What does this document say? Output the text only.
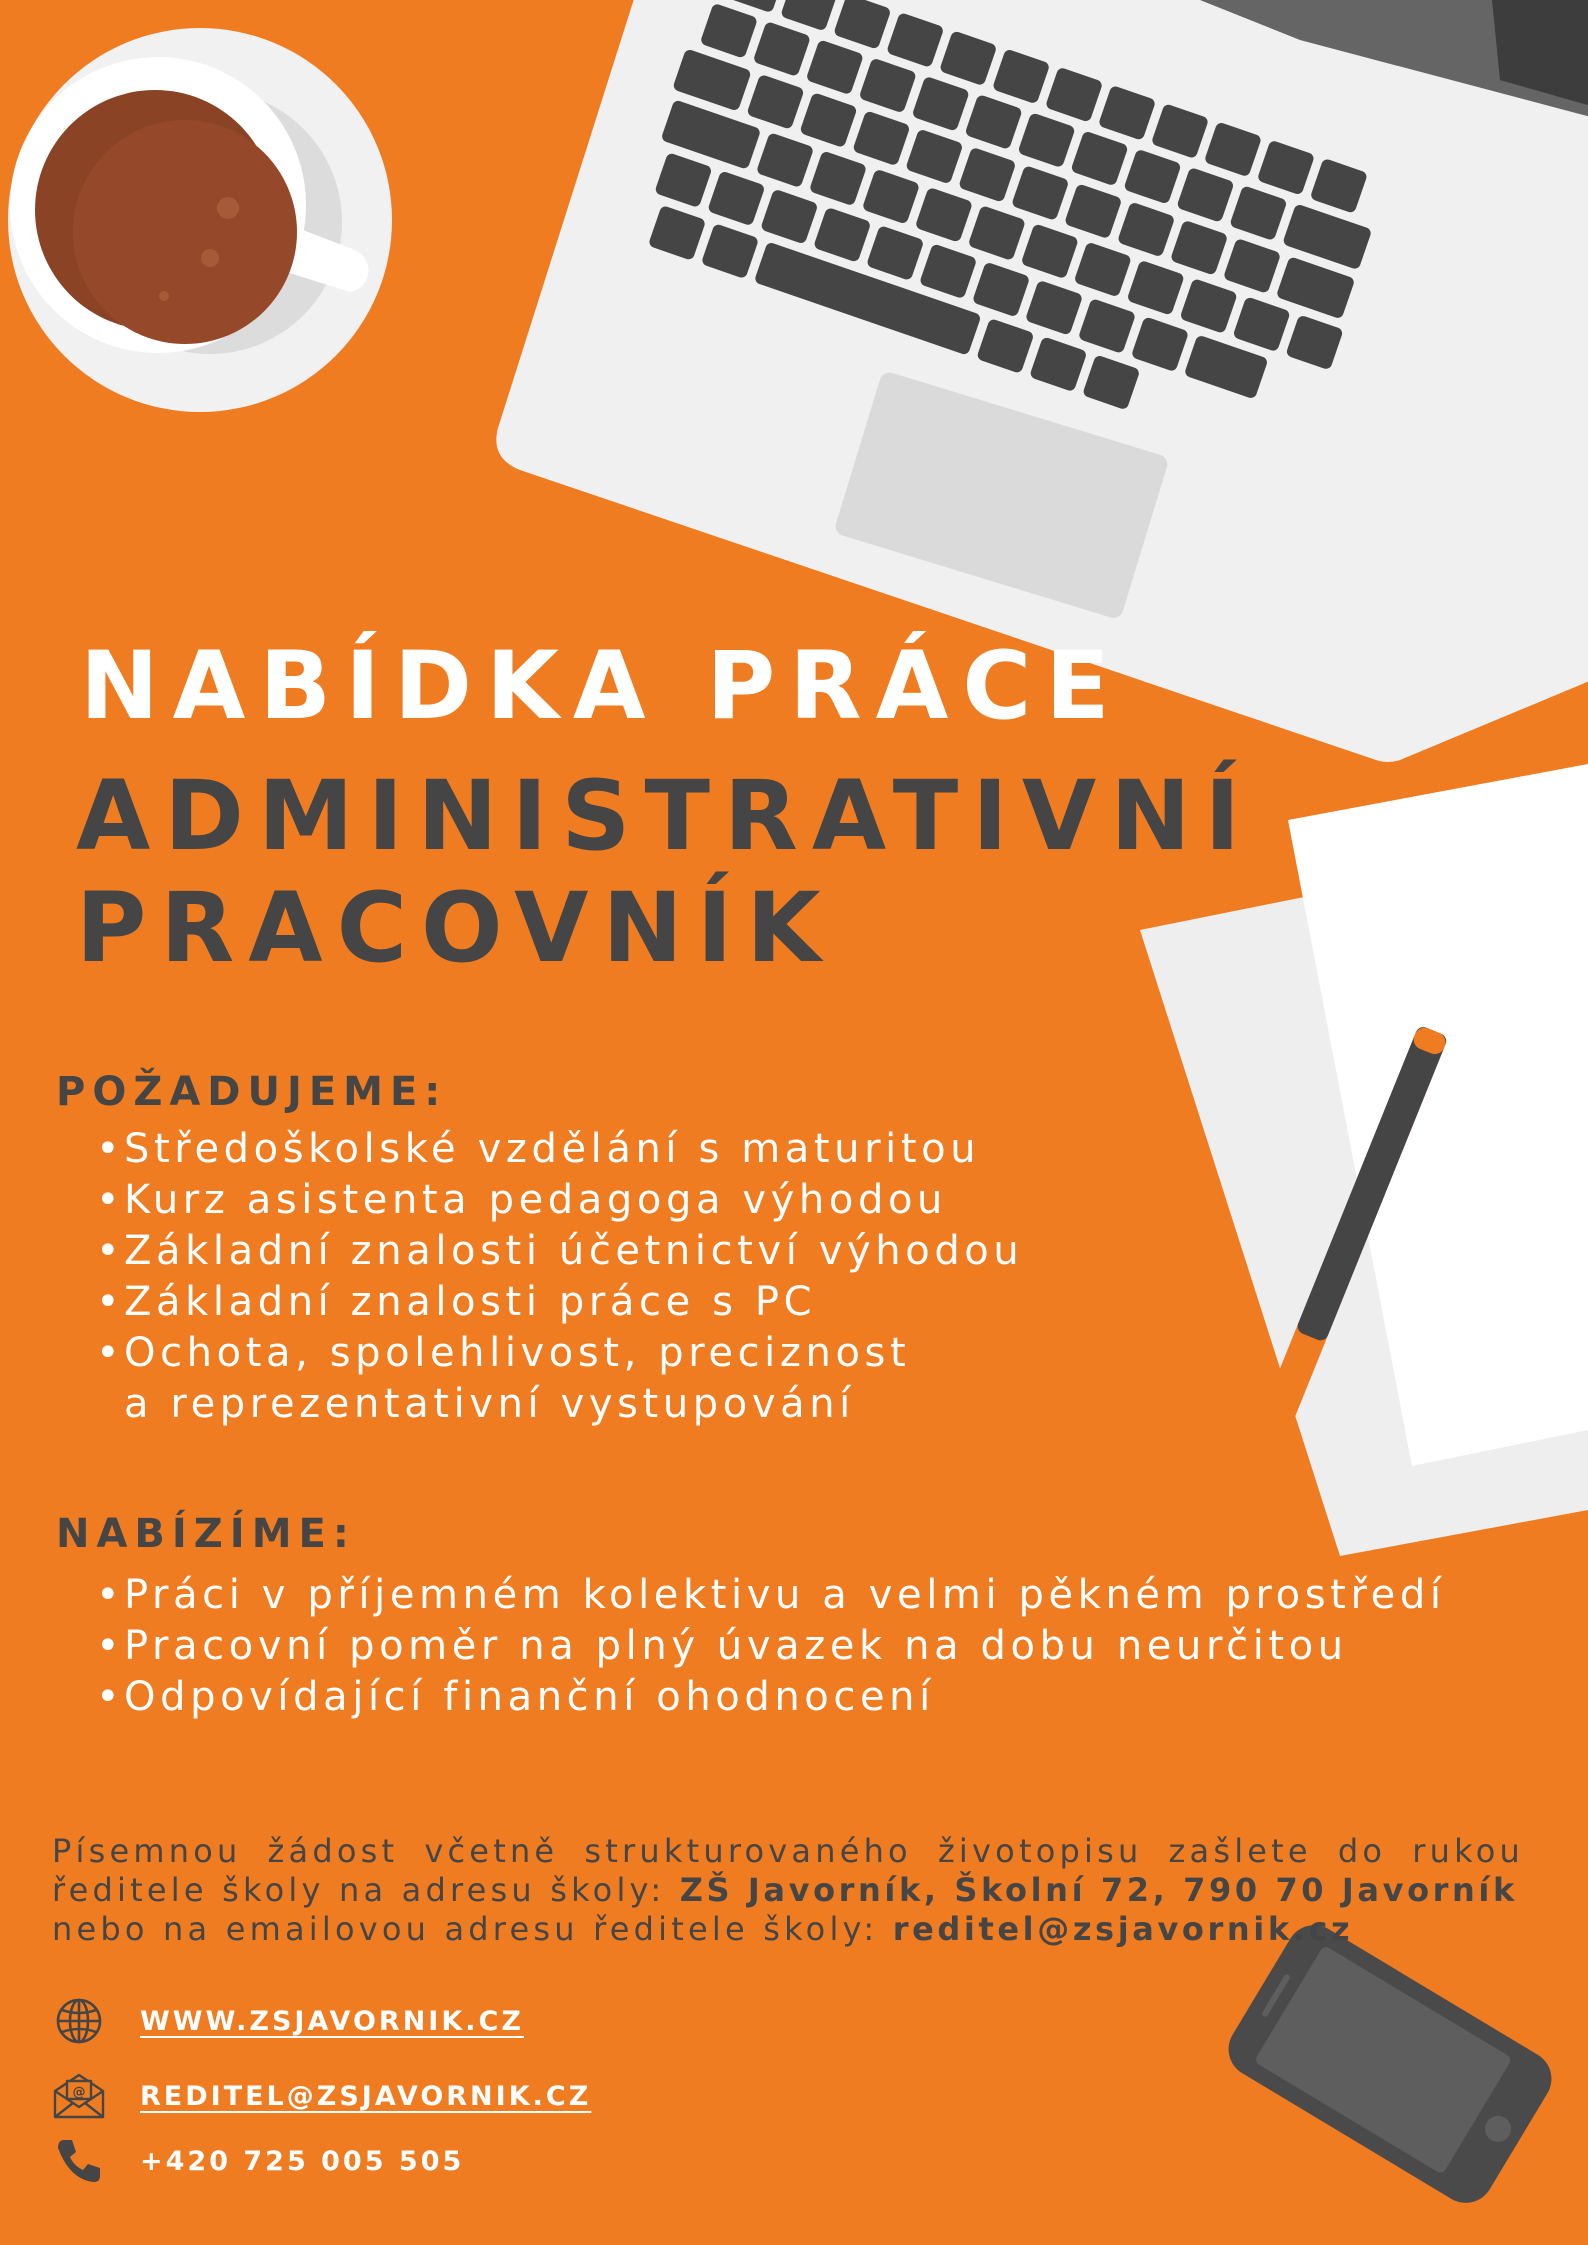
NABÍDKA PRÁCE
ADMINISTRATIVNÍ
PRACOVNÍK
POŽADUJEME:
• Středoškolské vzdělání s maturitou
• Kurz asistenta pedagoga výhodou
• Základní znalosti účetnictví výhodou
• Základní znalosti práce s PC
• Ochota, spolehlivost, preciznost
a reprezentativní vystupování
NABÍZÍME:
• Práci v příjemném kolektivu a velmi pěkném prostředí
• Pracovní poměr na plný úvazek na dobu neurčitou
• Odpovídající finanční ohodnocení

Písemnou žádost včetně strukturovaného životopisu zašlete do rukou
ředitele školy na adresu školy: ZŠ Javorník, Školní 72, 790 70 Javorník
nebo na emailovou adresu ředitele školy: reditel@zsjavornik.cz

WWW.ZSJAVORNIK.CZ
@ REDITEL@ZSJAVORNIK.CZ
+420 725 005 505
